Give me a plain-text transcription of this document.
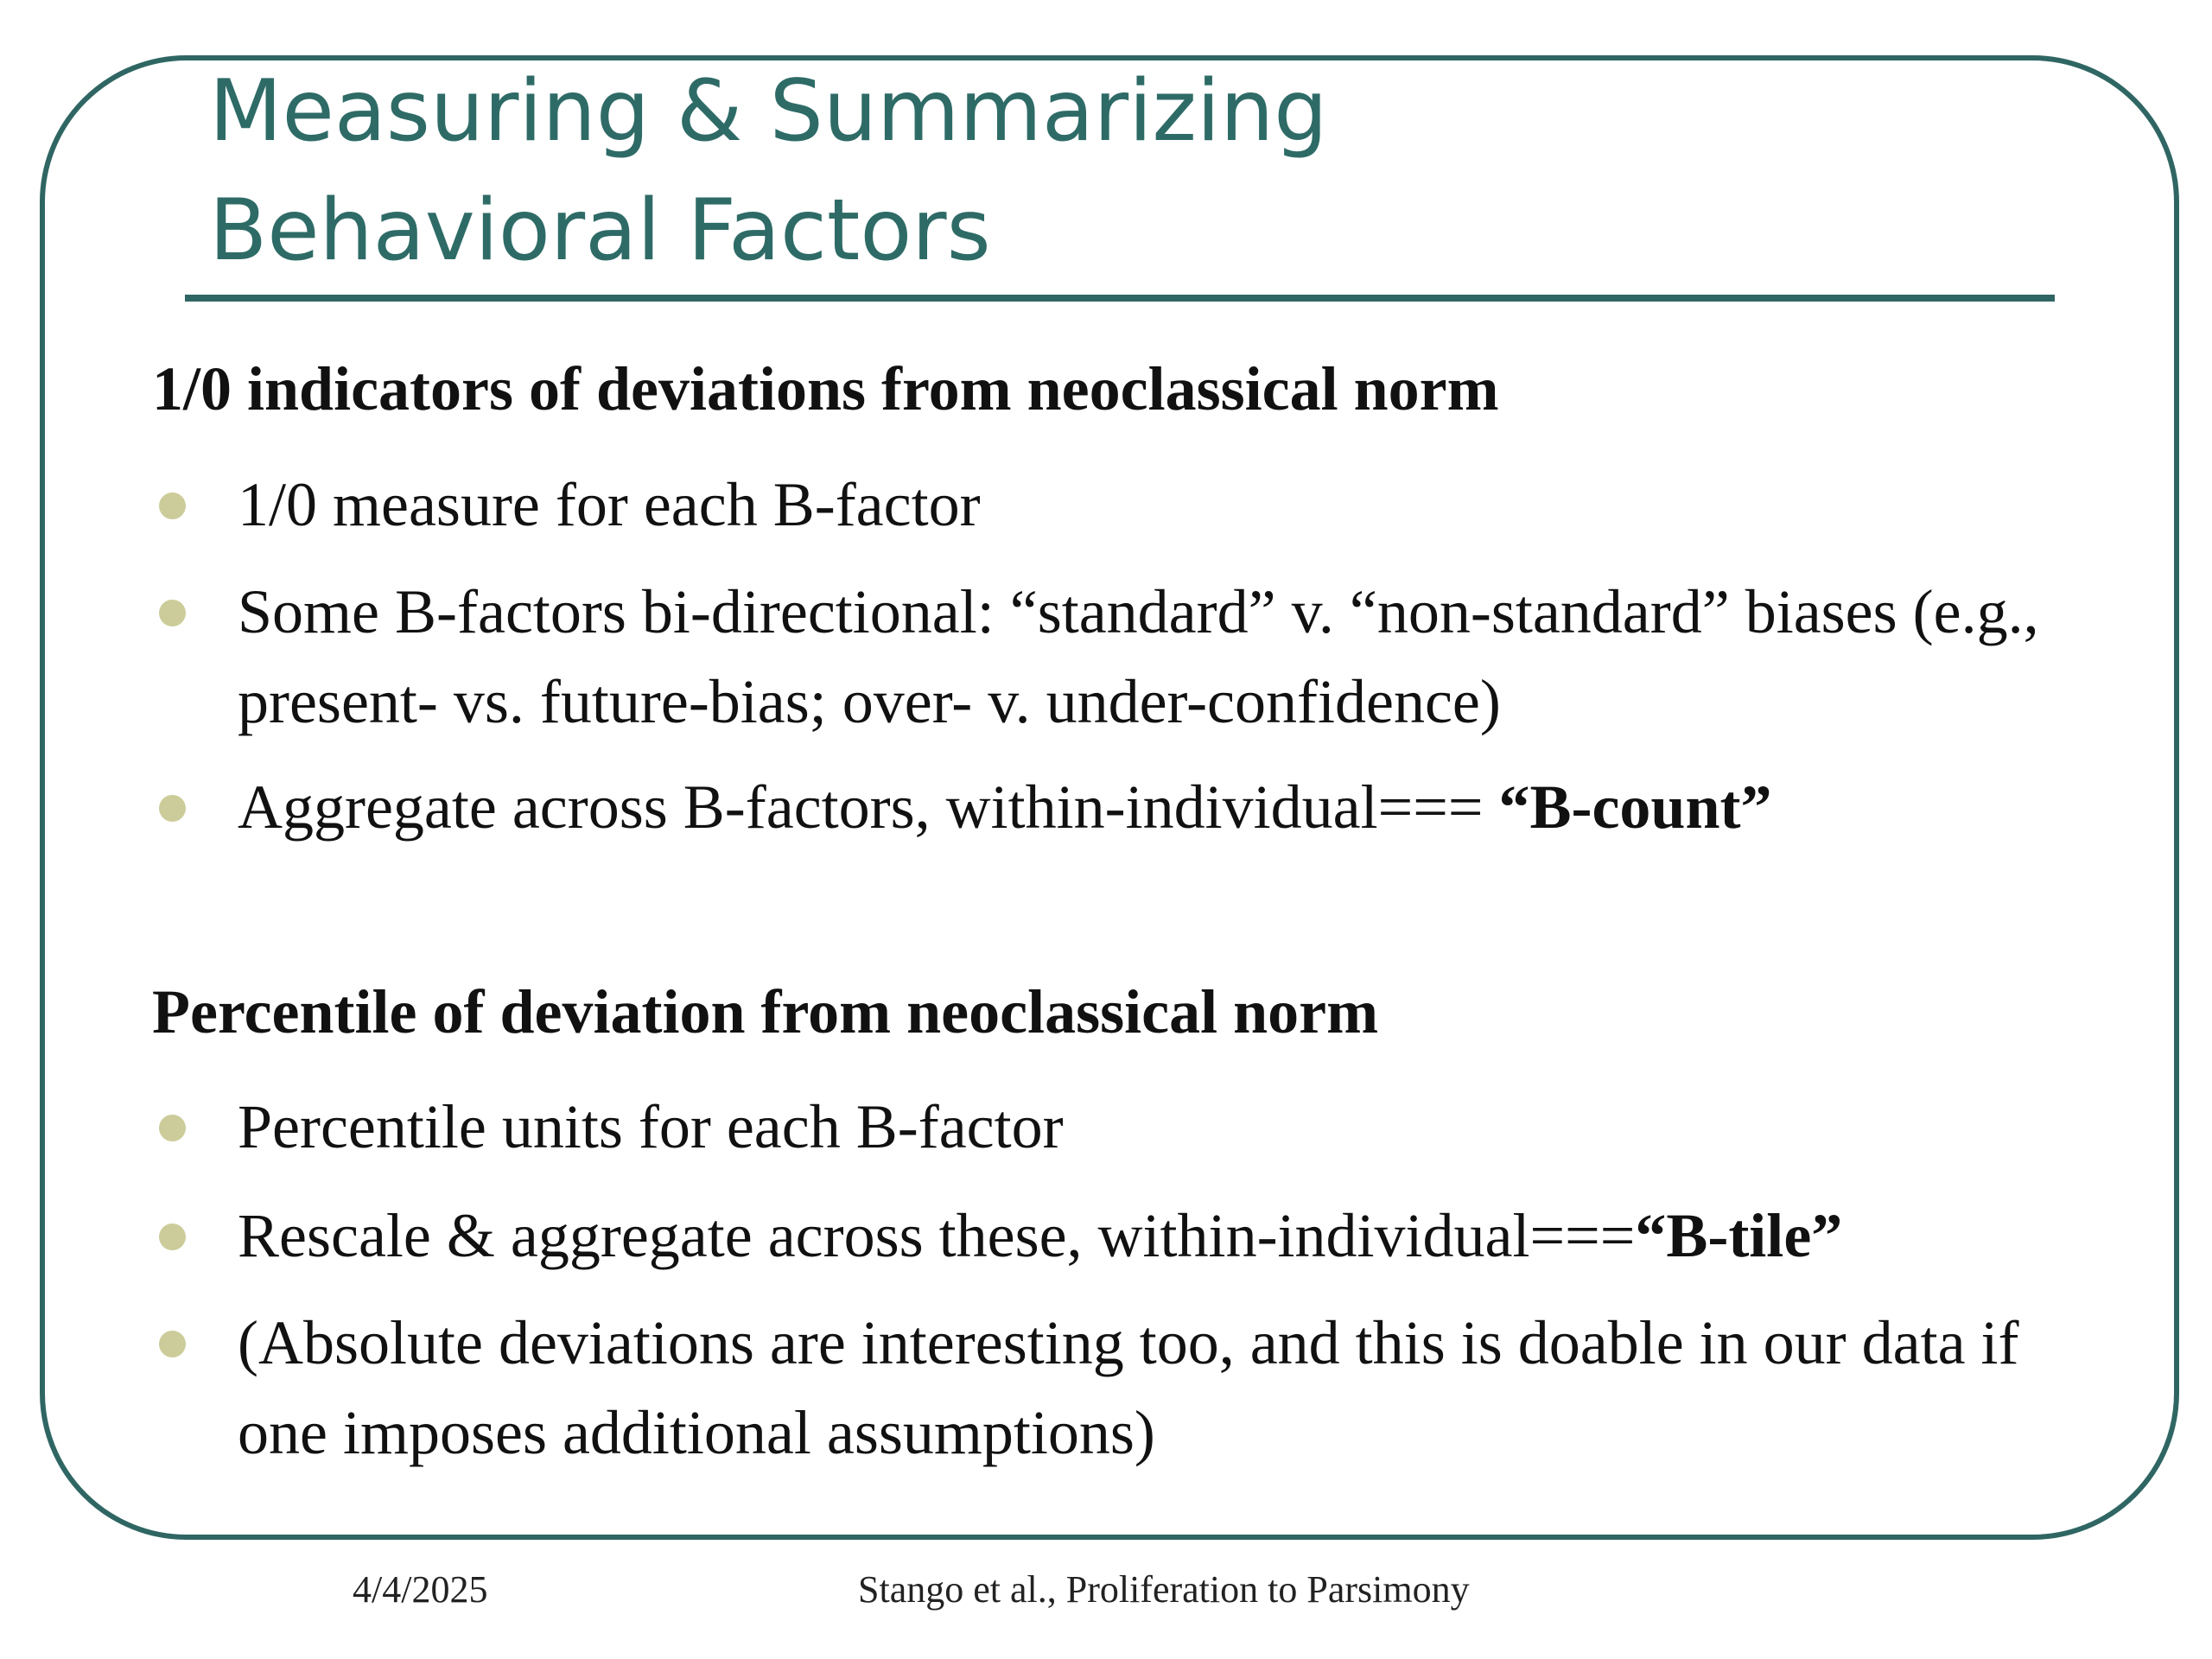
Measuring & Summarizing
Behavioral Factors
1/0 indicators of deviations from neoclassical norm
1/0 measure for each B-factor
Some B-factors bi-directional: “standard” v. “non-standard” biases (e.g., present- vs. future-bias; over- v. under-confidence)
Aggregate across B-factors, within-individual=== “B-count”
Percentile of deviation from neoclassical norm
Percentile units for each B-factor
Rescale & aggregate across these, within-individual===“B-tile”
(Absolute deviations are interesting too, and this is doable in our data if one imposes additional assumptions)
4/4/2025	Stango et al., Proliferation to Parsimony
